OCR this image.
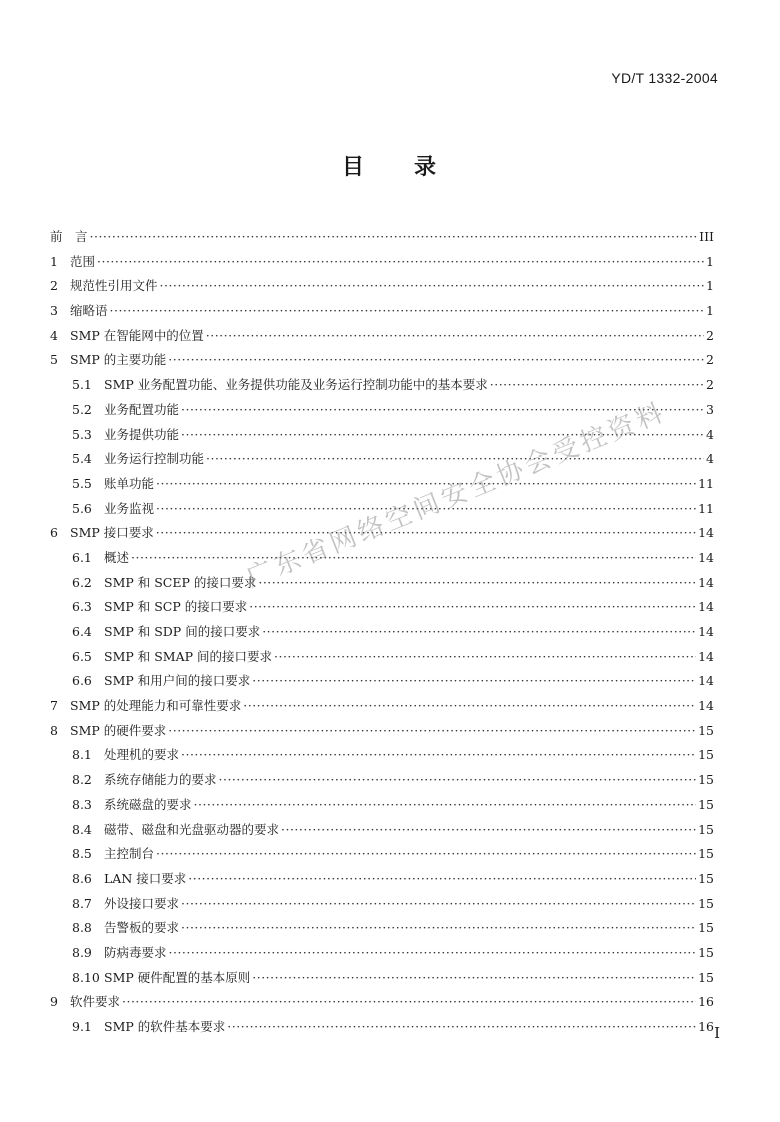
YD/T 1332-2004
目　　录
前　言 ·····	III
1 范围 ·····	1
2 规范性引用文件 ·····	1
3 缩略语 ·····	1
4 SMP 在智能网中的位置 ·····	2
5 SMP 的主要功能 ·····	2
5.1 SMP 业务配置功能、业务提供功能及业务运行控制功能中的基本要求 ·····	2
5.2 业务配置功能 ·····	3
5.3 业务提供功能 ·····	4
5.4 业务运行控制功能 ·····	4
5.5 账单功能 ·····	11
5.6 业务监视 ·····	11
6 SMP 接口要求 ·····	14
6.1 概述 ·····	14
6.2 SMP 和 SCEP 的接口要求 ·····	14
6.3 SMP 和 SCP 的接口要求 ·····	14
6.4 SMP 和 SDP 间的接口要求 ·····	14
6.5 SMP 和 SMAP 间的接口要求 ·····	14
6.6 SMP 和用户间的接口要求 ·····	14
7 SMP 的处理能力和可靠性要求 ·····	14
8 SMP 的硬件要求 ·····	15
8.1 处理机的要求 ·····	15
8.2 系统存储能力的要求 ·····	15
8.3 系统磁盘的要求 ·····	15
8.4 磁带、磁盘和光盘驱动器的要求 ·····	15
8.5 主控制台 ·····	15
8.6 LAN 接口要求 ·····	15
8.7 外设接口要求 ·····	15
8.8 告警板的要求 ·····	15
8.9 防病毒要求 ·····	15
8.10 SMP 硬件配置的基本原则 ·····	15
9 软件要求 ·····	16
9.1 SMP 的软件基本要求 ·····	16
广东省网络空间安全协会受控资料
I
